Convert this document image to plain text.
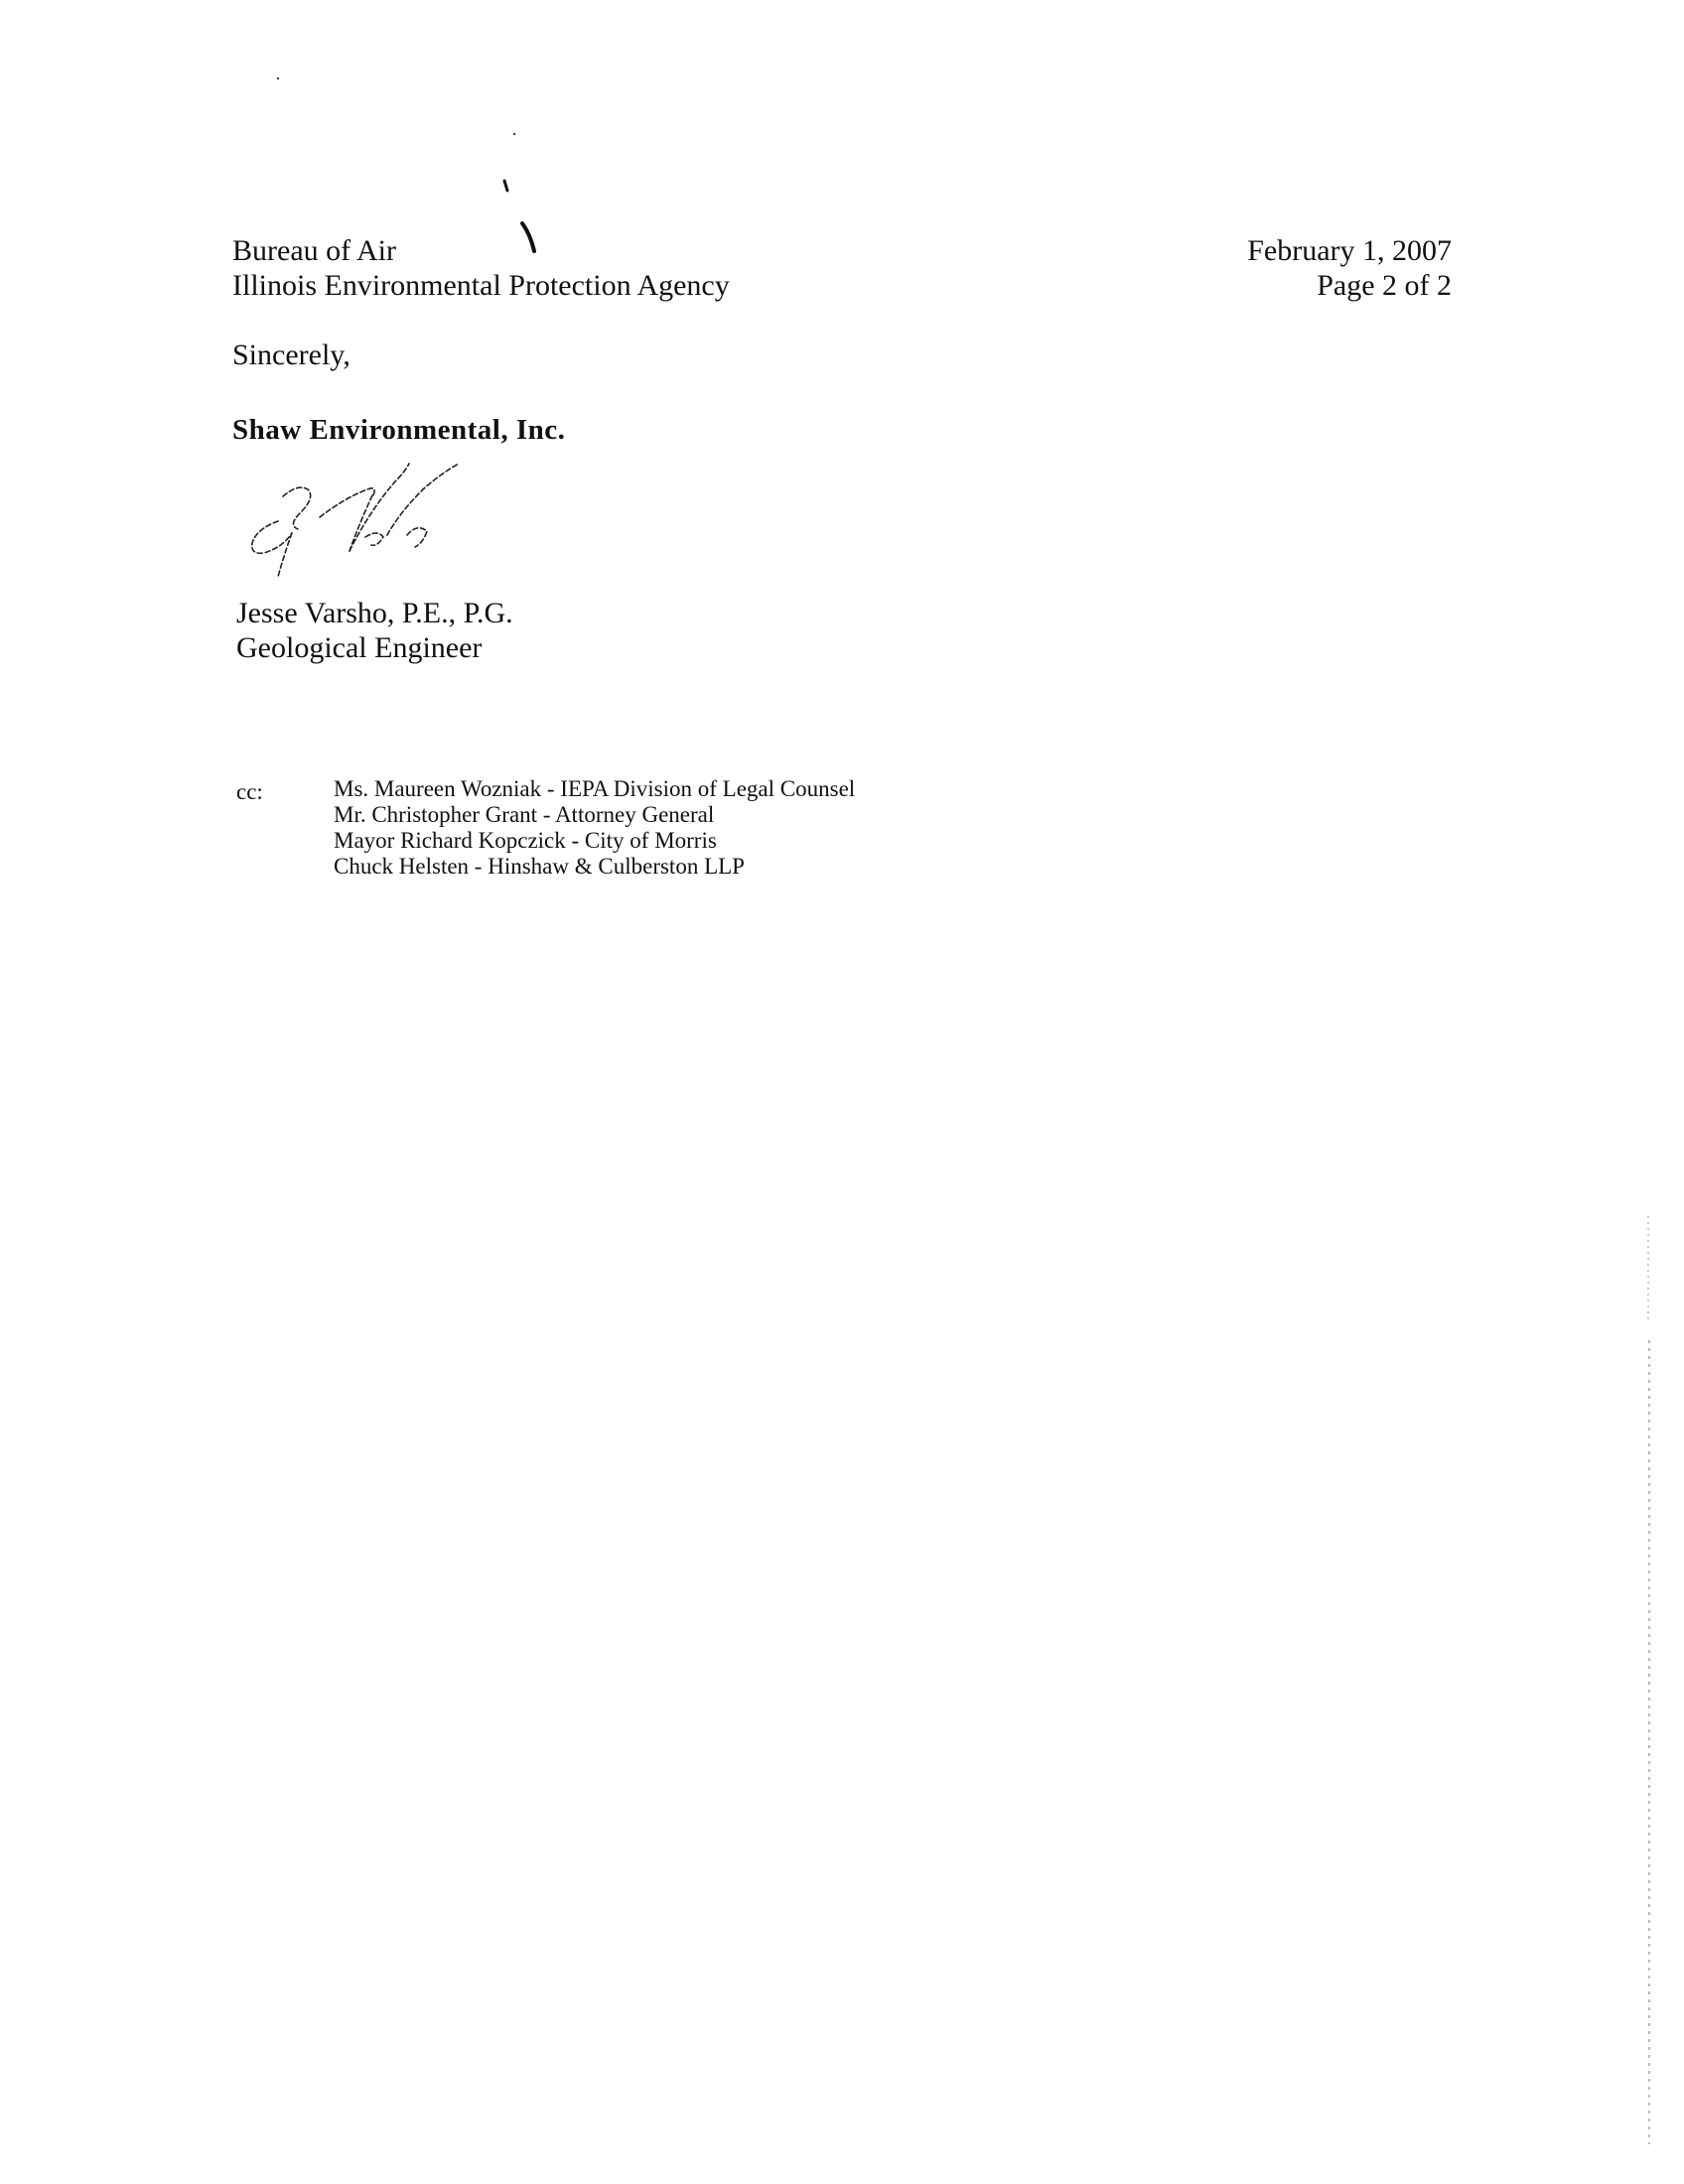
Bureau of Air
Illinois Environmental Protection Agency
February 1, 2007
Page 2 of 2
Sincerely,
Shaw Environmental, Inc.
Jesse Varsho, P.E., P.G.
Geological Engineer
cc:	Ms. Maureen Wozniak - IEPA Division of Legal Counsel
Mr. Christopher Grant - Attorney General
Mayor Richard Kopczick - City of Morris
Chuck Helsten - Hinshaw & Culberston LLP
